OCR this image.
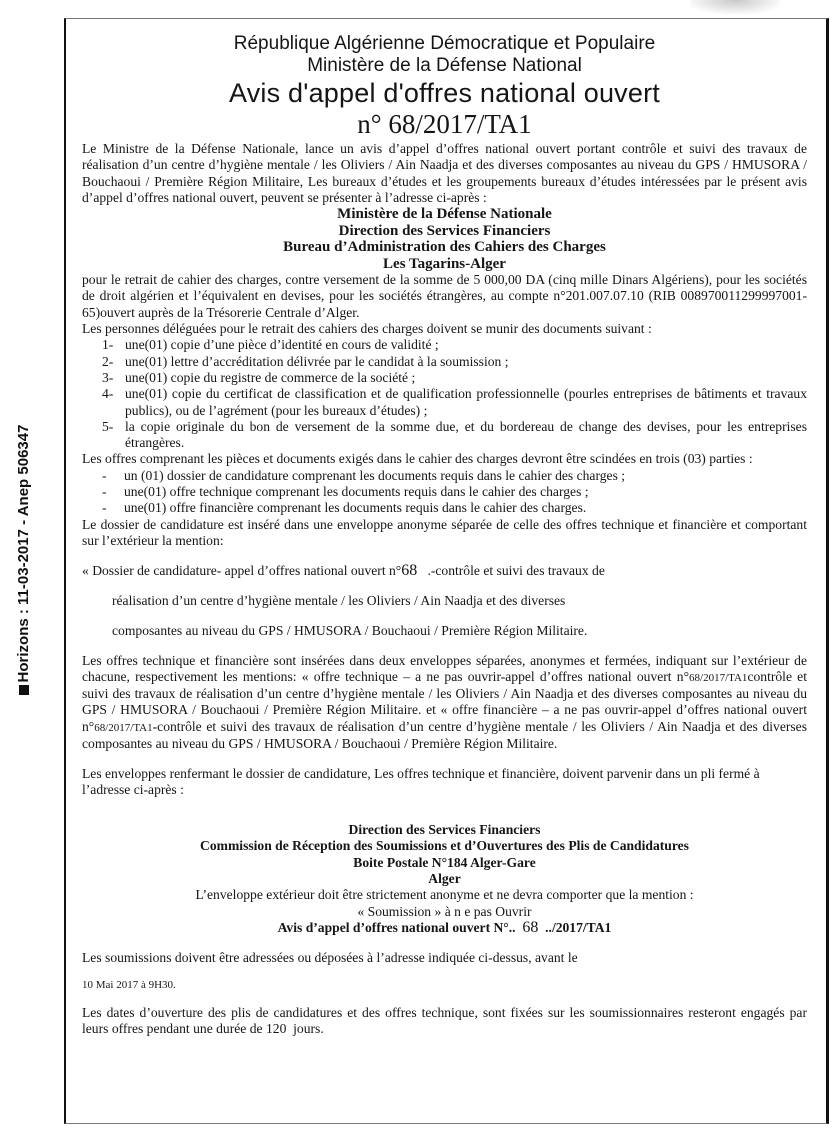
Horizons : 11-03-2017 - Anep 506347
République Algérienne Démocratique et Populaire
Ministère de la Défense National
Avis d'appel d'offres national ouvert
n° 68/2017/TA1

Le Ministre de la Défense Nationale, lance un avis d’appel d’offres national ouvert portant contrôle et suivi des travaux de réalisation d’un centre d’hygiène mentale / les Oliviers / Ain Naadja et des diverses composantes au niveau du GPS / HMUSORA / Bouchaoui / Première Région Militaire, Les bureaux d’études et les groupements bureaux d’études intéressées par le présent avis d’appel d’offres national ouvert, peuvent se présenter à l’adresse ci-après :

Ministère de la Défense Nationale

Direction des Services Financiers

Bureau d’Administration des Cahiers des Charges

Les Tagarins-Alger

pour le retrait de cahier des charges, contre versement de la somme de 5 000,00 DA (cinq mille Dinars Algériens), pour les sociétés de droit algérien et l’équivalent en devises, pour les sociétés étrangères, au compte n°201.007.07.10 (RIB 008970011299997001-65)ouvert auprès de la Trésorerie Centrale d’Alger.

Les personnes déléguées pour le retrait des cahiers des charges doivent se munir des documents suivant :

1- une(01) copie d’une pièce d’identité en cours de validité ;
2- une(01) lettre d’accréditation délivrée par le candidat à la soumission ;
3- une(01) copie du registre de commerce de la société ;
4- une(01) copie du certificat de classification et de qualification professionnelle (pourles entreprises de bâtiments et travaux publics), ou de l’agrément (pour les bureaux d’études) ;
5- la copie originale du bon de versement de la somme due, et du bordereau de change des devises, pour les entreprises étrangères.

Les offres comprenant les pièces et documents exigés dans le cahier des charges devront être scindées en trois (03) parties :

- un (01) dossier de candidature comprenant les documents requis dans le cahier des charges ;
- une(01) offre technique comprenant les documents requis dans le cahier des charges ;
- une(01) offre financière comprenant les documents requis dans le cahier des charges.

Le dossier de candidature est inséré dans une enveloppe anonyme séparée de celle des offres technique et financière et comportant sur l’extérieur la mention:

« Dossier de candidature- appel d’offres national ouvert n°68 .-contrôle et suivi des travaux de

réalisation d’un centre d’hygiène mentale / les Oliviers / Ain Naadja et des diverses

composantes au niveau du GPS / HMUSORA / Bouchaoui / Première Région Militaire.

Les offres technique et financière sont insérées dans deux enveloppes séparées, anonymes et fermées, indiquant sur l’extérieur de chacune, respectivement les mentions: « offre technique – a ne pas ouvrir-appel d’offres national ouvert n°68/2017/TA1contrôle et suivi des travaux de réalisation d’un centre d’hygiène mentale / les Oliviers / Ain Naadja et des diverses composantes au niveau du GPS / HMUSORA / Bouchaoui / Première Région Militaire. et « offre financière – a ne pas ouvrir-appel d’offres national ouvert n°68/2017/TA1-contrôle et suivi des travaux de réalisation d’un centre d’hygiène mentale / les Oliviers / Ain Naadja et des diverses composantes au niveau du GPS / HMUSORA / Bouchaoui / Première Région Militaire.

Les enveloppes renfermant le dossier de candidature, Les offres technique et financière, doivent parvenir dans un pli fermé à l’adresse ci-après :

Direction des Services Financiers

Commission de Réception des Soumissions et d’Ouvertures des Plis de Candidatures

Boite Postale N°184 Alger-Gare

Alger

L’enveloppe extérieur doit être strictement anonyme et ne devra comporter que la mention :

« Soumission » à n e pas Ouvrir

Avis d’appel d’offres national ouvert N°.. 68 ../2017/TA1

Les soumissions doivent être adressées ou déposées à l’adresse indiquée ci-dessus, avant le

10 Mai 2017 à 9H30.

Les dates d’ouverture des plis de candidatures et des offres technique, sont fixées sur les soumissionnaires resteront engagés par leurs offres pendant une durée de 120 jours.
